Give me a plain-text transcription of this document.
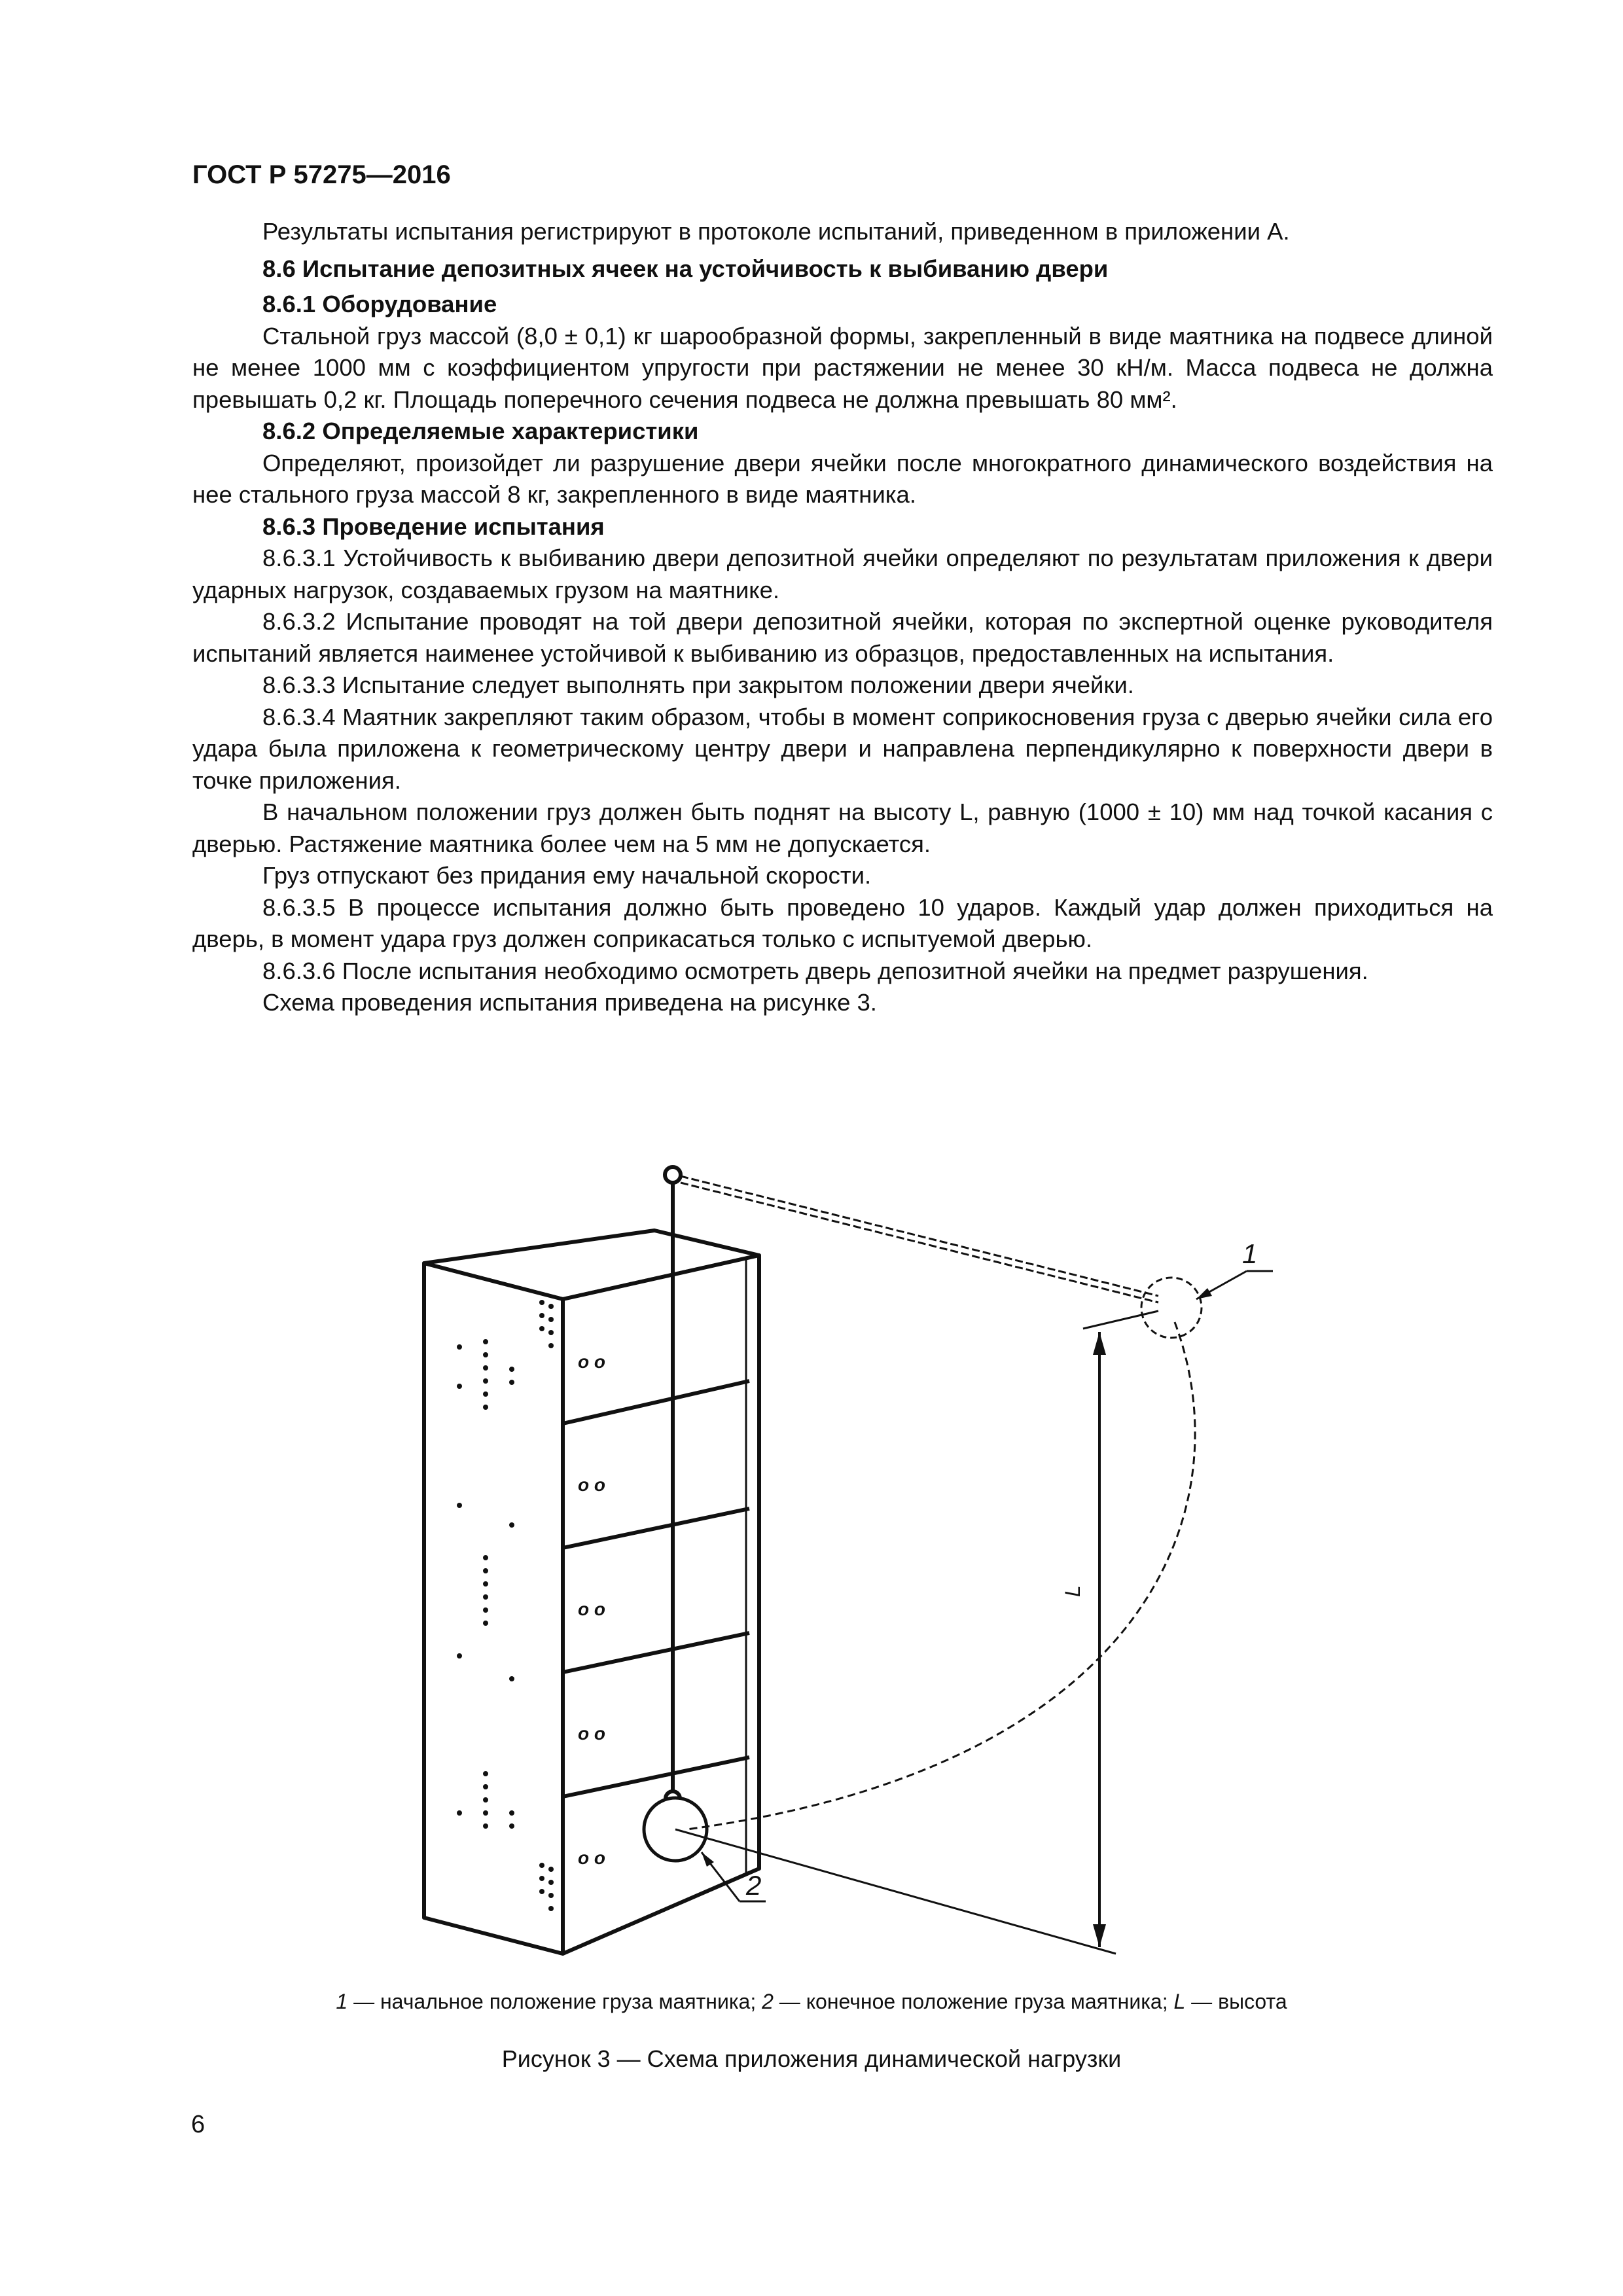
ГОСТ Р 57275—2016

Результаты испытания регистрируют в протоколе испытаний, приведенном в приложении А.

8.6 Испытание депозитных ячеек на устойчивость к выбиванию двери

8.6.1 Оборудование

Стальной груз массой (8,0 ± 0,1) кг шарообразной формы, закрепленный в виде маятника на подвесе длиной не менее 1000 мм с коэффициентом упругости при растяжении не менее 30 кН/м. Масса подвеса не должна превышать 0,2 кг. Площадь поперечного сечения подвеса не должна превышать 80 мм².

8.6.2 Определяемые характеристики

Определяют, произойдет ли разрушение двери ячейки после многократного динамического воздействия на нее стального груза массой 8 кг, закрепленного в виде маятника.

8.6.3 Проведение испытания

8.6.3.1 Устойчивость к выбиванию двери депозитной ячейки определяют по результатам приложения к двери ударных нагрузок, создаваемых грузом на маятнике.

8.6.3.2 Испытание проводят на той двери депозитной ячейки, которая по экспертной оценке руководителя испытаний является наименее устойчивой к выбиванию из образцов, предоставленных на испытания.

8.6.3.3 Испытание следует выполнять при закрытом положении двери ячейки.

8.6.3.4 Маятник закрепляют таким образом, чтобы в момент соприкосновения груза с дверью ячейки сила его удара была приложена к геометрическому центру двери и направлена перпендикулярно к поверхности двери в точке приложения.

В начальном положении груз должен быть поднят на высоту L, равную (1000 ± 10) мм над точкой касания с дверью. Растяжение маятника более чем на 5 мм не допускается.

Груз отпускают без придания ему начальной скорости.

8.6.3.5 В процессе испытания должно быть проведено 10 ударов. Каждый удар должен приходиться на дверь, в момент удара груз должен соприкасаться только с испытуемой дверью.

8.6.3.6 После испытания необходимо осмотреть дверь депозитной ячейки на предмет разрушения.

Схема проведения испытания приведена на рисунке 3.

o o
o o
o o
o o
o o
1
2
L
1 — начальное положение груза маятника; 2 — конечное положение груза маятника; L — высота
Рисунок 3 — Схема приложения динамической нагрузки
6
